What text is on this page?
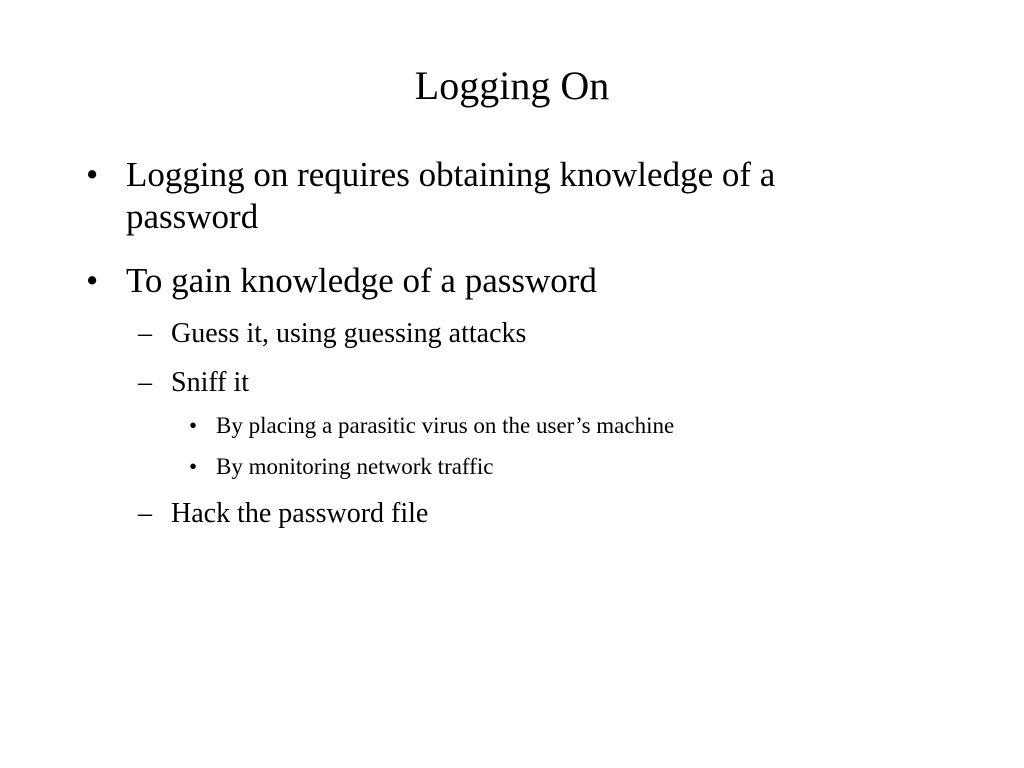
Logging On
• Logging on requires obtaining knowledge of a password
• To gain knowledge of a password
– Guess it, using guessing attacks
– Sniff it
• By placing a parasitic virus on the user’s machine
• By monitoring network traffic
– Hack the password file
